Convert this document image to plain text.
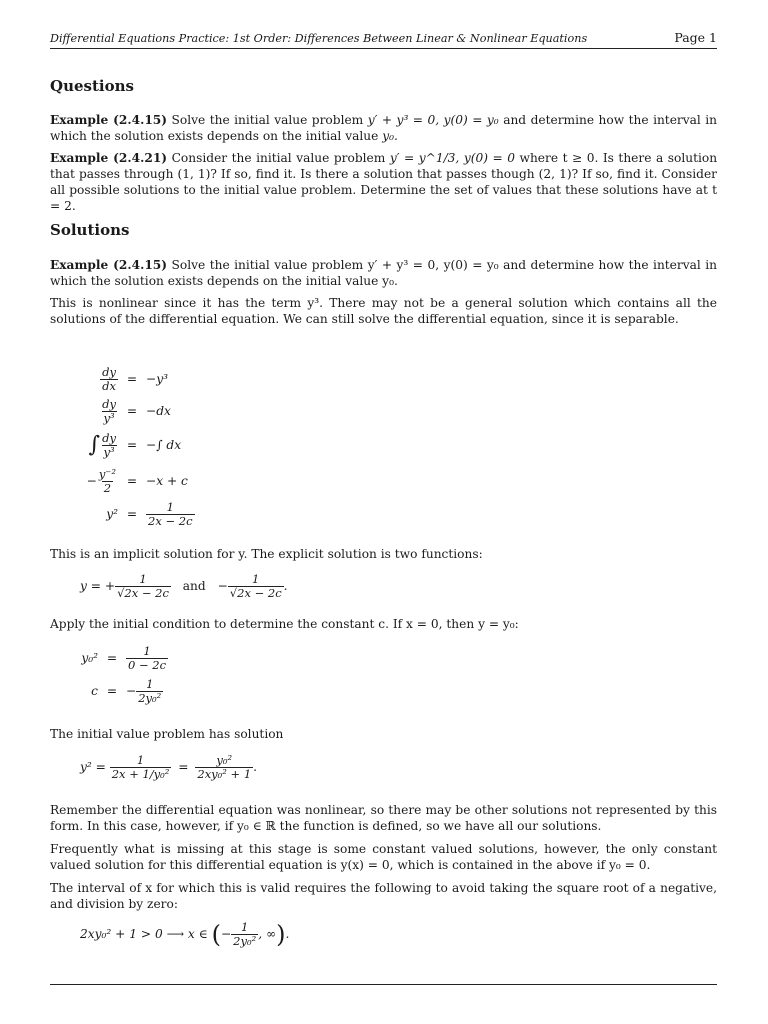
Differential Equations Practice: 1st Order: Differences Between Linear & Nonlinear Equations	Page 1
Questions

Example (2.4.15) Solve the initial value problem y′ + y³ = 0, y(0) = y₀ and determine how the interval in which the solution exists depends on the initial value y₀.

Example (2.4.21) Consider the initial value problem y′ = y^1/3, y(0) = 0 where t ≥ 0. Is there a solution that passes through (1, 1)? If so, find it. Is there a solution that passes though (2, 1)? If so, find it. Consider all possible solutions to the initial value problem. Determine the set of values that these solutions have at t = 2.

Solutions

Example (2.4.15) Solve the initial value problem y′ + y³ = 0, y(0) = y₀ and determine how the interval in which the solution exists depends on the initial value y₀.

This is nonlinear since it has the term y³. There may not be a general solution which contains all the solutions of the differential equation. We can still solve the differential equation, since it is separable.

$\frac{dy}{dx} = -y^3$
$\frac{dy}{\text{y³}} = -dx$
∫ $\frac{dy}{\text{y³}}$ = −∫ dx
− $\frac{\text{y⁻²}}{2} = -x + c$
$y^2 = \frac{1}{2x - 2c}$

This is an implicit solution for y. The explicit solution is two functions:

y = + $\frac{1}{√2x - 2c}$ and − $\frac{1}{√2x - 2c}$ .

Apply the initial condition to determine the constant c. If x = 0, then y = y₀:

$y_0^2 = \frac{1}{0 - 2c}$
c = − $\frac{1}{\text{2y₀²}}$

The initial value problem has solution

$y^2 = \frac{1}{\text{2x + 1/y₀²}} = \frac{\text{y₀²}}{\text{2xy₀² + 1}}$ .

Remember the differential equation was nonlinear, so there may be other solutions not represented by this form. In this case, however, if y₀ ∈ ℝ the function is defined, so we have all our solutions.

Frequently what is missing at this stage is some constant valued solutions, however, the only constant valued solution for this differential equation is y(x) = 0, which is contained in the above if y₀ = 0.

The interval of x for which this is valid requires the following to avoid taking the square root of a negative, and division by zero:

2xy₀² + 1 > 0 ⟶ x ∈ (− $\frac{1}{\text{2y₀²}}$ , ∞).
